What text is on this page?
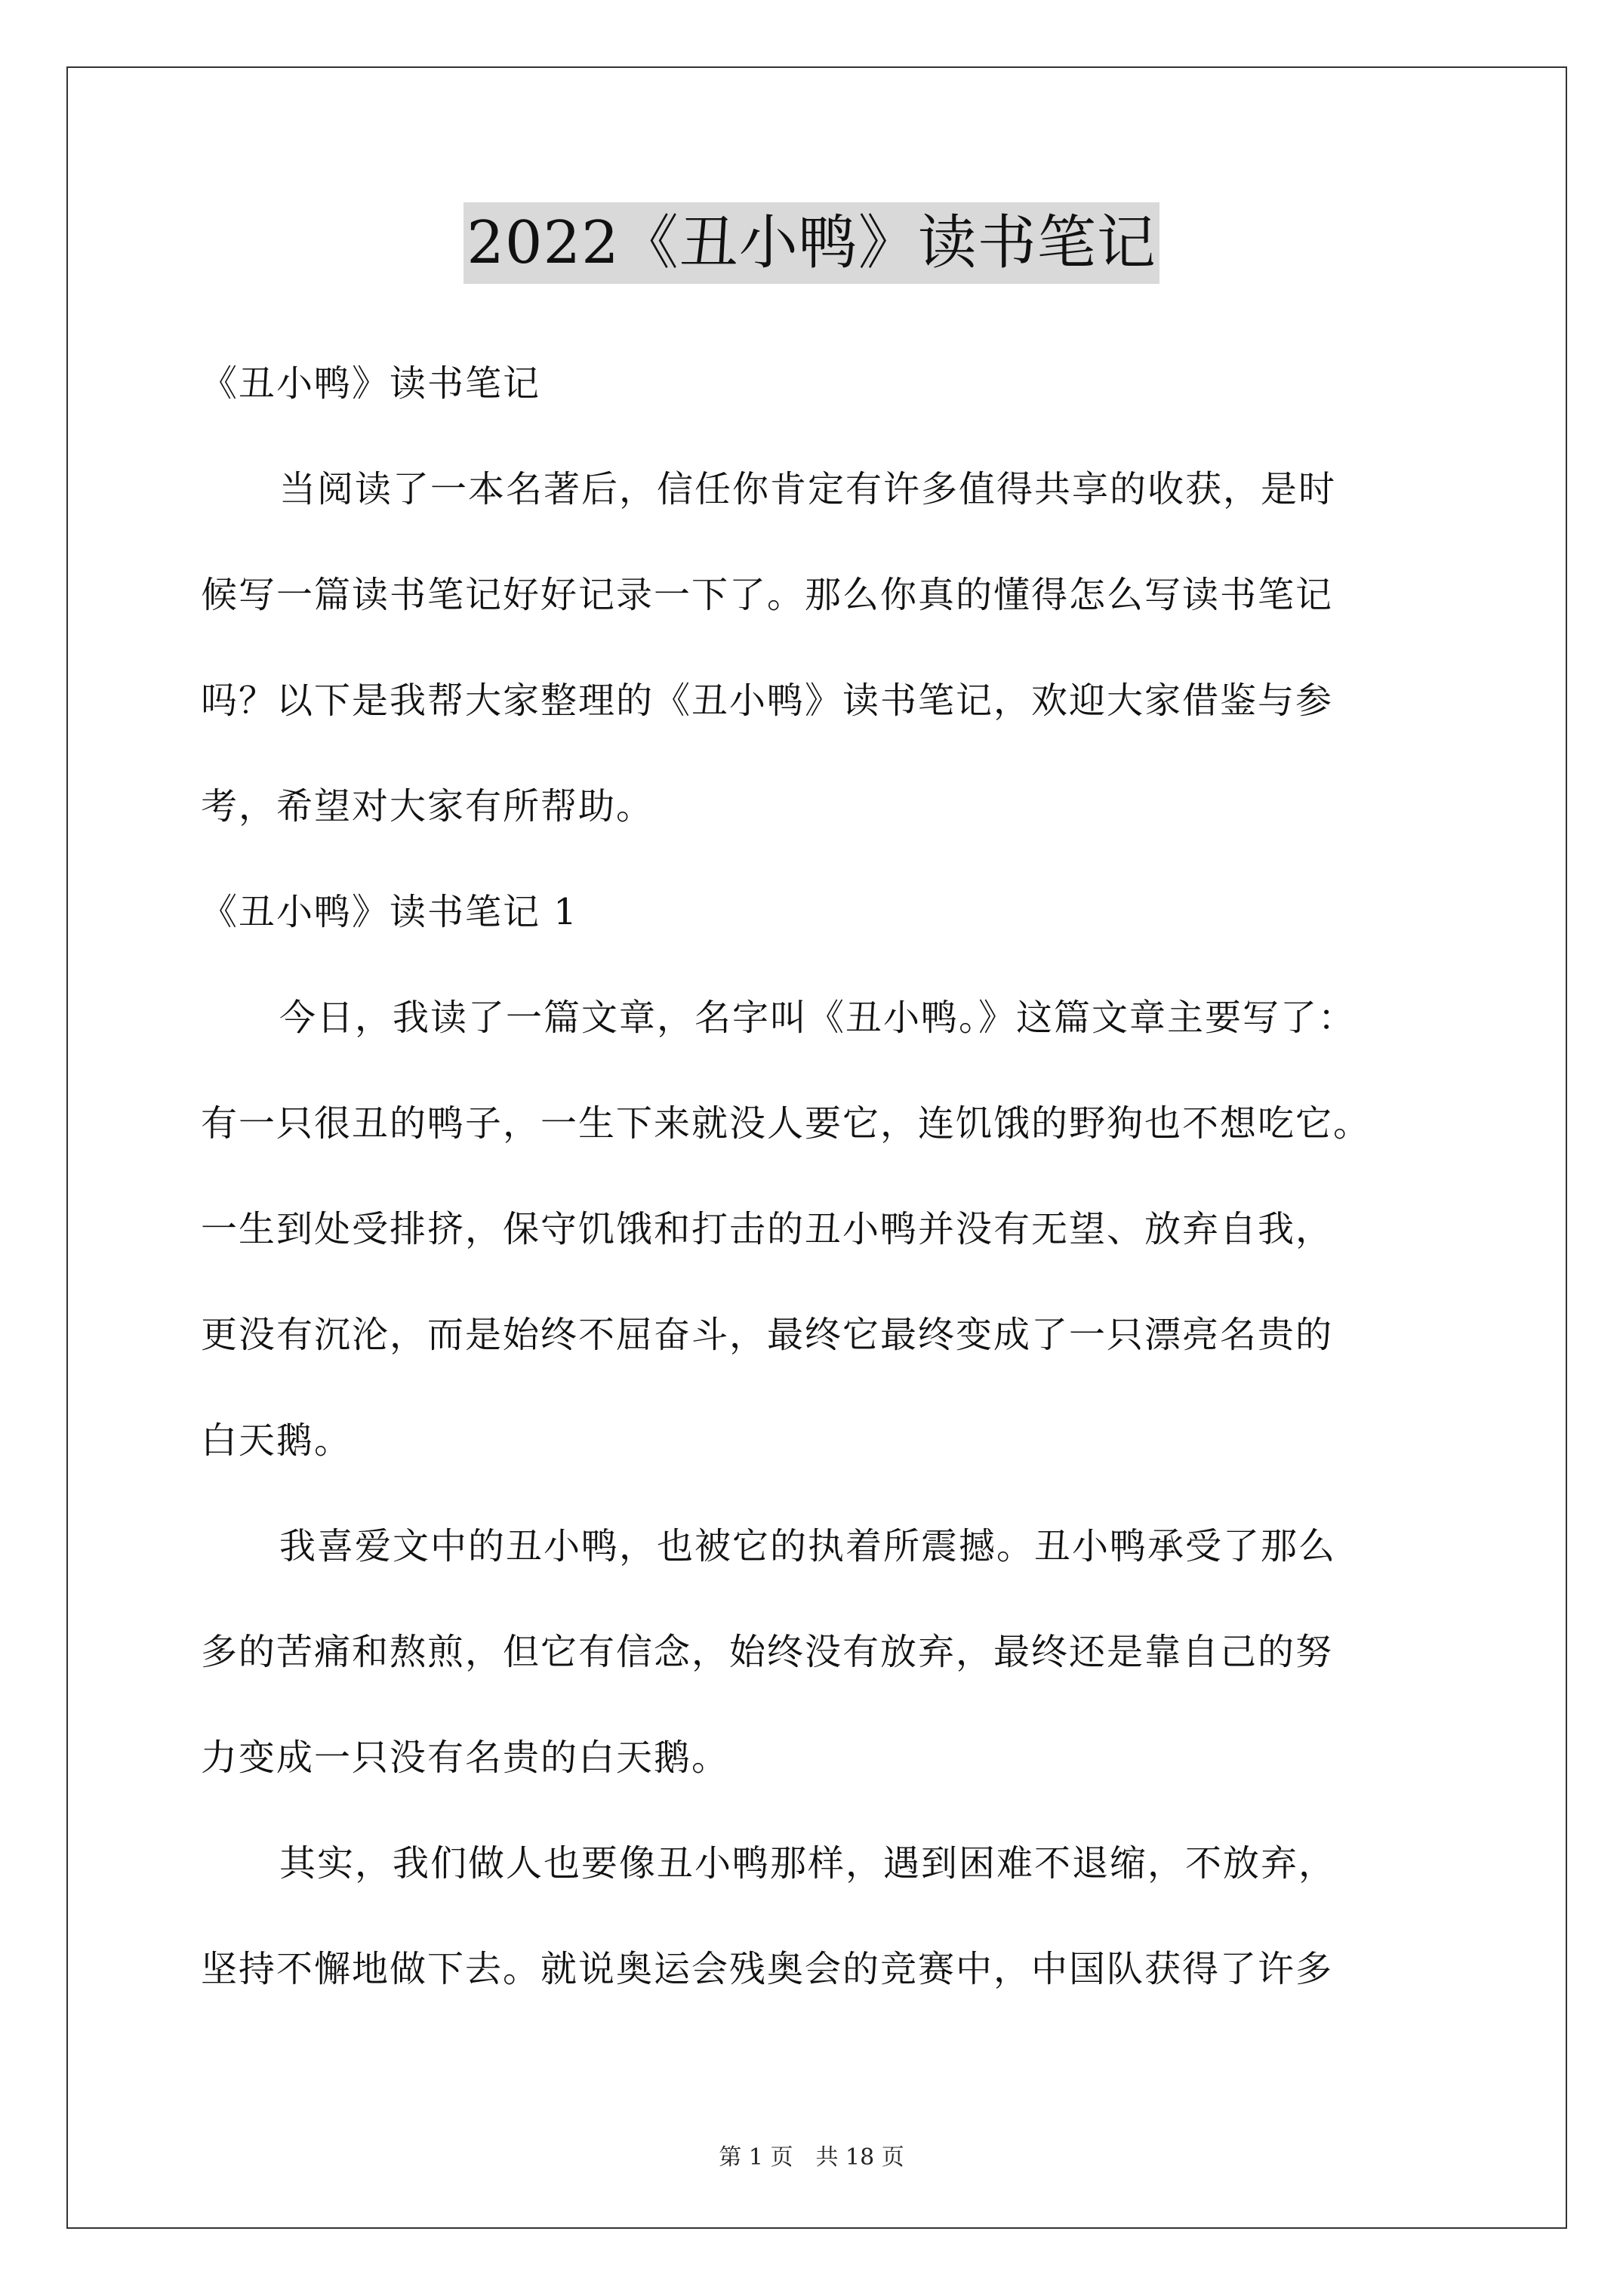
2022《丑小鸭》读书笔记
《丑小鸭》读书笔记
当阅读了一本名著后，信任你肯定有许多值得共享的收获，是时
候写一篇读书笔记好好记录一下了。那么你真的懂得怎么写读书笔记
吗？以下是我帮大家整理的《丑小鸭》读书笔记，欢迎大家借鉴与参
考，希望对大家有所帮助。
《丑小鸭》读书笔记 1
今日，我读了一篇文章，名字叫《丑小鸭。》这篇文章主要写了：
有一只很丑的鸭子，一生下来就没人要它，连饥饿的野狗也不想吃它。
一生到处受排挤，保守饥饿和打击的丑小鸭并没有无望、放弃自我，
更没有沉沦，而是始终不屈奋斗，最终它最终变成了一只漂亮名贵的
白天鹅。
我喜爱文中的丑小鸭，也被它的执着所震撼。丑小鸭承受了那么
多的苦痛和熬煎，但它有信念，始终没有放弃，最终还是靠自己的努
力变成一只没有名贵的白天鹅。
其实，我们做人也要像丑小鸭那样，遇到困难不退缩，不放弃，
坚持不懈地做下去。就说奥运会残奥会的竞赛中，中国队获得了许多
第 1 页　共 18 页
